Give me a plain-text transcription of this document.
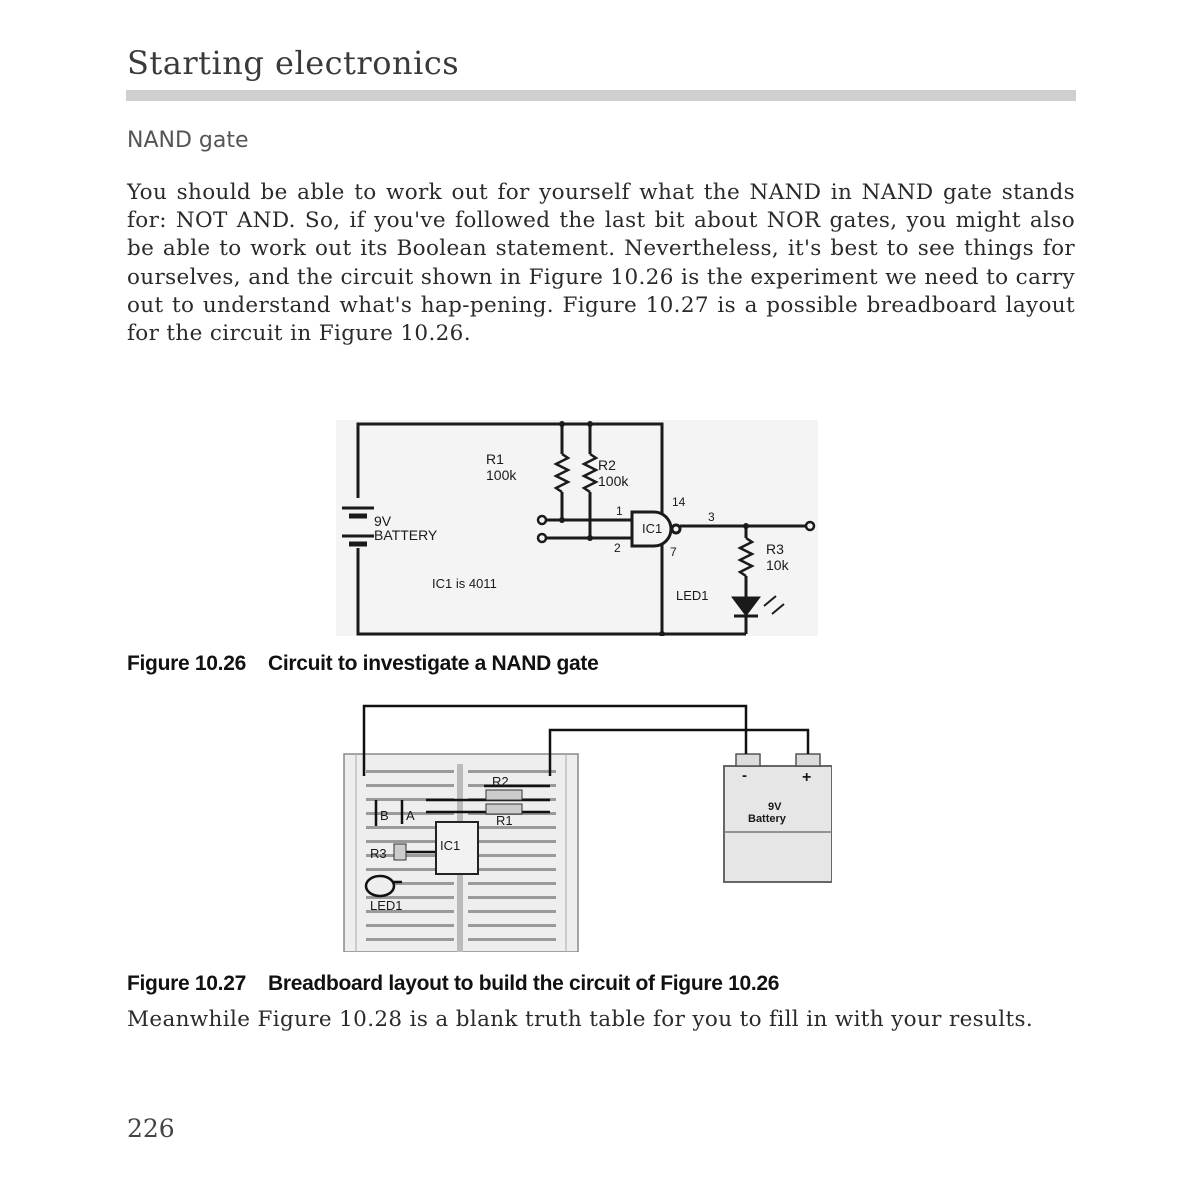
Starting electronics
NAND gate
You should be able to work out for yourself what the NAND in NAND gate stands for: NOT AND. So, if you've followed the last bit about NOR gates, you might also be able to work out its Boolean statement. Nevertheless, it's best to see things for ourselves, and the circuit shown in Figure 10.26 is the experiment we need to carry out to understand what's hap-pening. Figure 10.27 is a possible breadboard layout for the circuit in Figure 10.26.
R1
100k
R2
100k
9V
BATTERY	IC1
IC1 is 4011
1
2
3
7
14
R3
10k
LED1
Figure 10.26 Circuit to investigate a NAND gate
R2
R1
B A
IC1
R3
LED1
-	+
9V
Battery
Figure 10.27 Breadboard layout to build the circuit of Figure 10.26
Meanwhile Figure 10.28 is a blank truth table for you to fill in with your results.
226
